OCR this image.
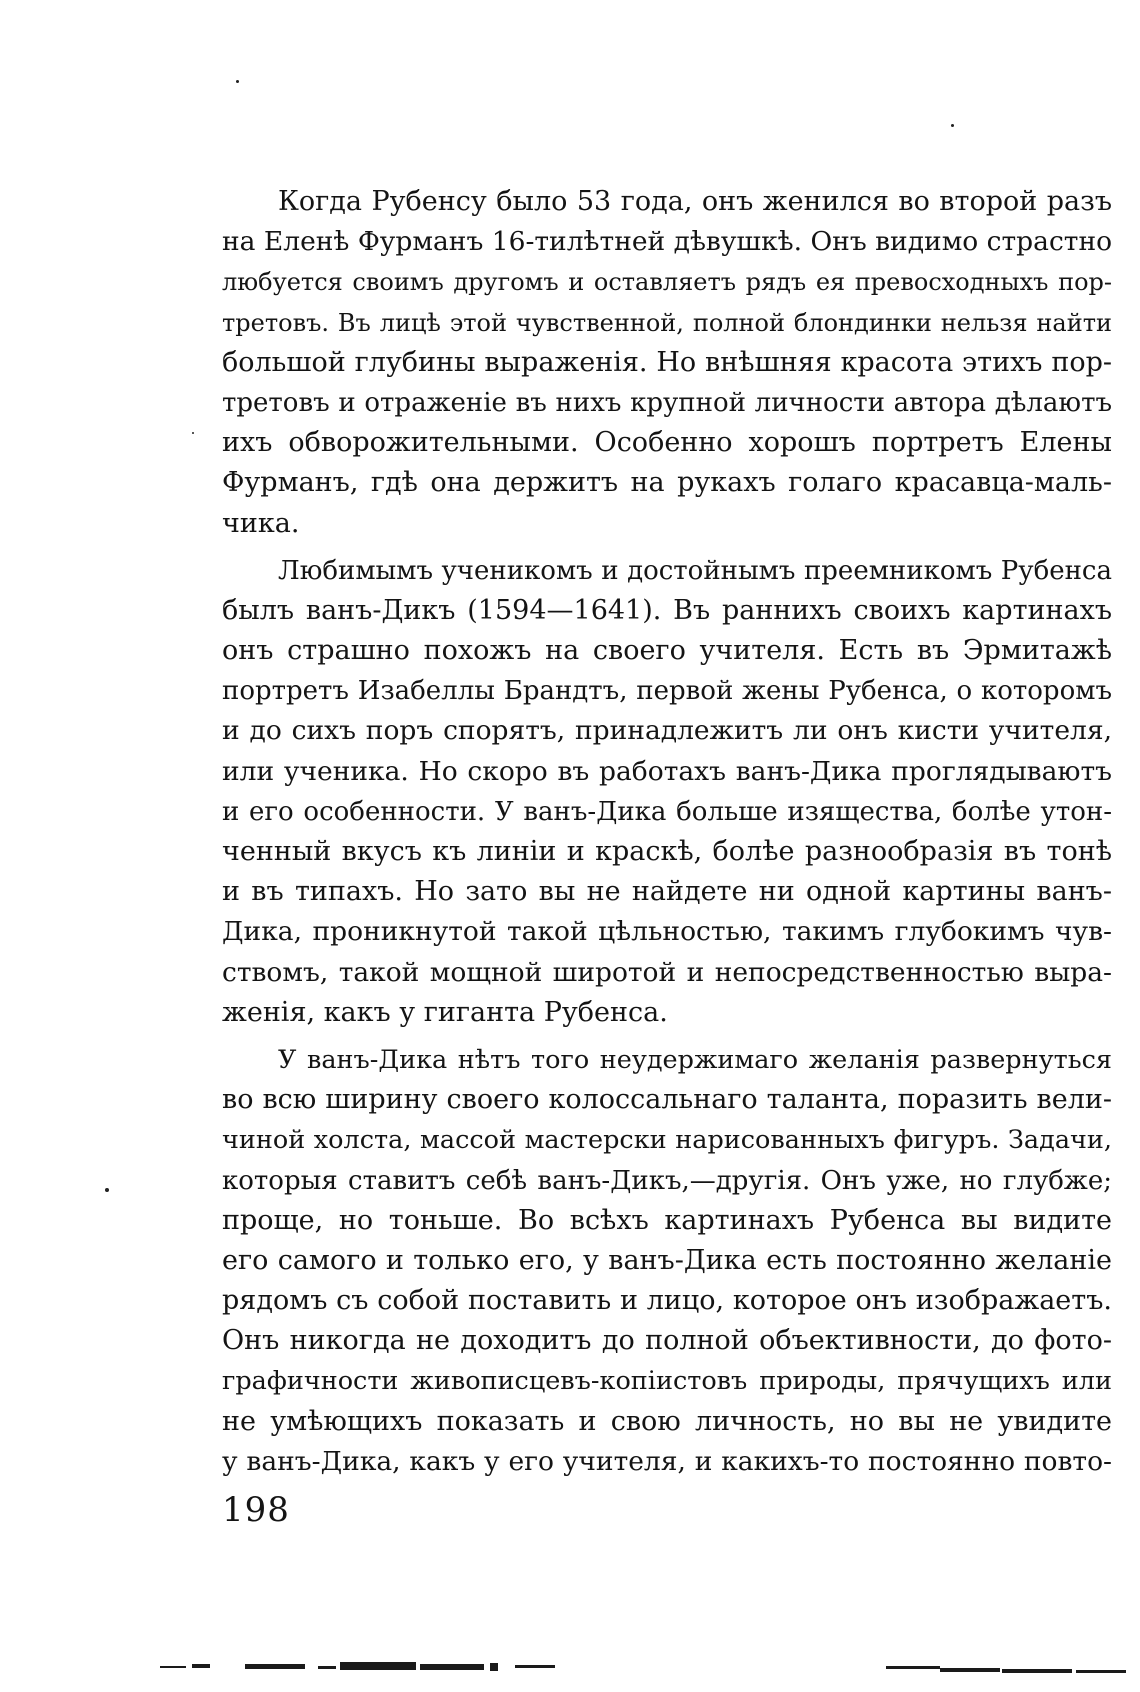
Когда Рубенсу было 53 года, онъ женился во второй разъ
на Еленѣ Фурманъ 16-тилѣтней дѣвушкѣ. Онъ видимо страстно
любуется своимъ другомъ и оставляетъ рядъ ея превосходныхъ пор-
третовъ. Въ лицѣ этой чувственной, полной блондинки нельзя найти
большой глубины выраженія. Но внѣшняя красота этихъ пор-
третовъ и отраженіе въ нихъ крупной личности автора дѣлаютъ
ихъ обворожительными. Особенно хорошъ портретъ Елены
Фурманъ, гдѣ она держитъ на рукахъ голаго красавца-маль-
чика.
Любимымъ ученикомъ и достойнымъ преемникомъ Рубенса
былъ ванъ-Дикъ (1594—1641). Въ раннихъ своихъ картинахъ
онъ страшно похожъ на своего учителя. Есть въ Эрмитажѣ
портретъ Изабеллы Брандтъ, первой жены Рубенса, о которомъ
и до сихъ поръ спорятъ, принадлежитъ ли онъ кисти учителя,
или ученика. Но скоро въ работахъ ванъ-Дика проглядываютъ
и его особенности. У ванъ-Дика больше изящества, болѣе утон-
ченный вкусъ къ линіи и краскѣ, болѣе разнообразія въ тонѣ
и въ типахъ. Но зато вы не найдете ни одной картины ванъ-
Дика, проникнутой такой цѣльностью, такимъ глубокимъ чув-
ствомъ, такой мощной широтой и непосредственностью выра-
женія, какъ у гиганта Рубенса.
У ванъ-Дика нѣтъ того неудержимаго желанія развернуться
во всю ширину своего колоссальнаго таланта, поразить вели-
чиной холста, массой мастерски нарисованныхъ фигуръ. Задачи,
которыя ставитъ себѣ ванъ-Дикъ,—другія. Онъ уже, но глубже;
проще, но тоньше. Во всѣхъ картинахъ Рубенса вы видите
его самого и только его, у ванъ-Дика есть постоянно желаніе
рядомъ съ собой поставить и лицо, которое онъ изображаетъ.
Онъ никогда не доходитъ до полной объективности, до фото-
графичности живописцевъ-копіистовъ природы, прячущихъ или
не умѣющихъ показать и свою личность, но вы не увидите
у ванъ-Дика, какъ у его учителя, и какихъ-то постоянно повто-
198
